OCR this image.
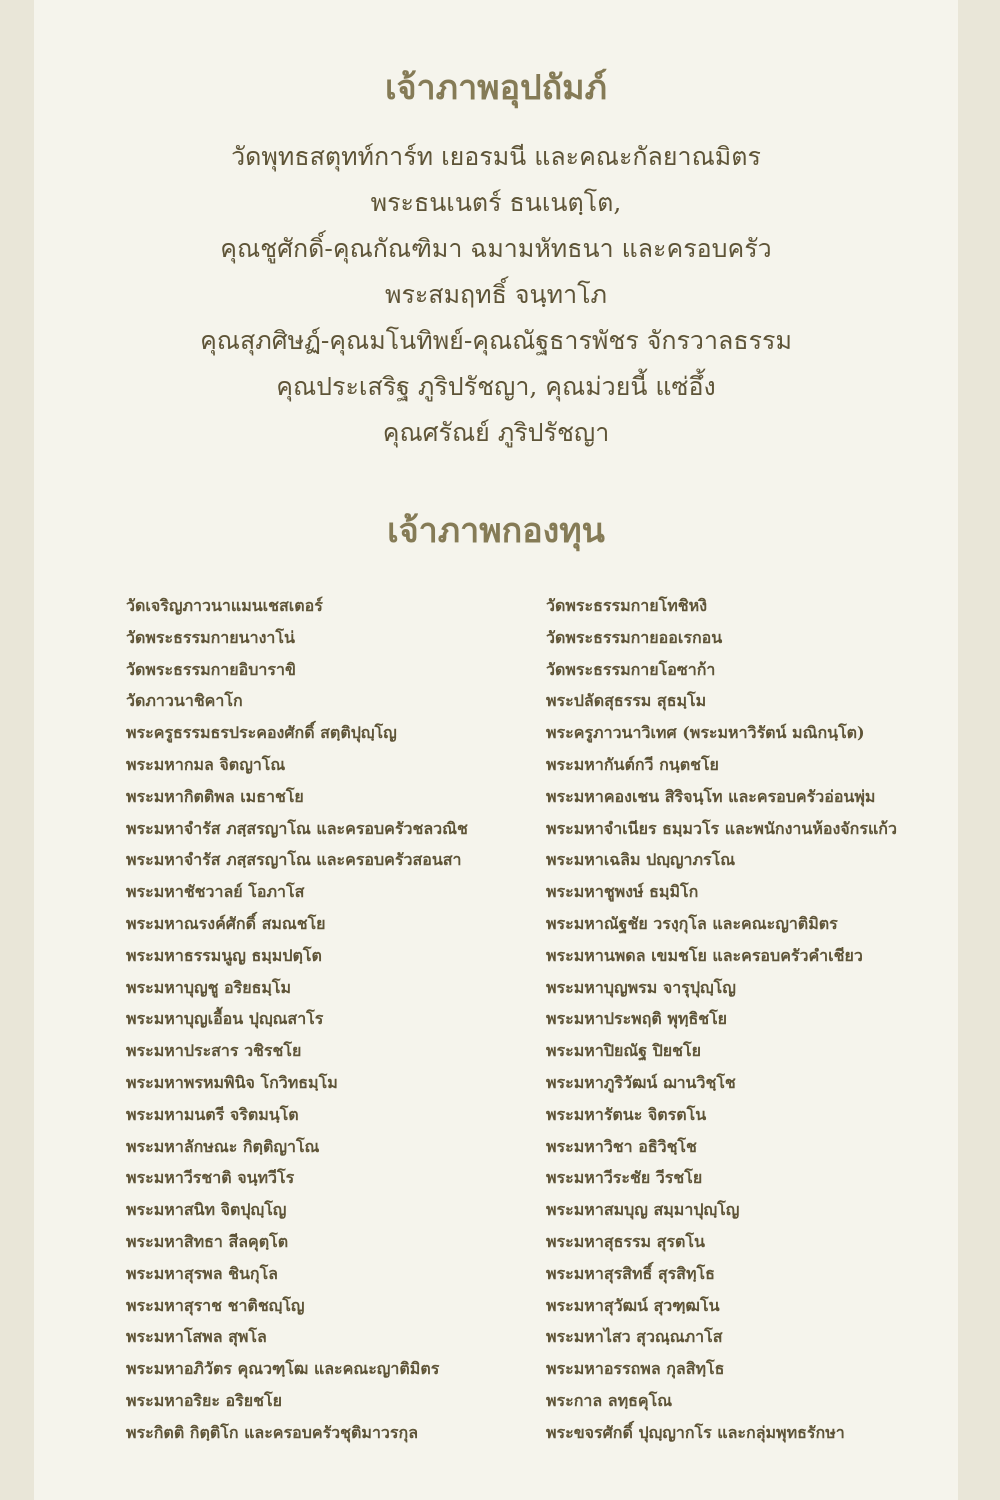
เจ้าภาพอุปถัมภ์
วัดพุทธสตุทท์การ์ท เยอรมนี และคณะกัลยาณมิตร
พระธนเนตร์ ธนเนตฺโต,
คุณชูศักดิ์-คุณกัณฑิมา ฉมามหัทธนา และครอบครัว
พระสมฤทธิ์ จนฺทาโภ
คุณสุภศิษฏ์-คุณมโนทิพย์-คุณณัฐธารพัชร จักรวาลธรรม
คุณประเสริฐ ภูริปรัชญา, คุณม่วยนี้ แซ่อึ้ง
คุณศรัณย์ ภูริปรัชญา
เจ้าภาพกองทุน
วัดเจริญภาวนาแมนเชสเตอร์
วัดพระธรรมกายนางาโน่
วัดพระธรรมกายอิบาราขิ
วัดภาวนาชิคาโก
พระครูธรรมธรประคองศักดิ์ สตฺติปุญฺโญ
พระมหากมล จิตญาโณ
พระมหากิตติพล เมธาชโย
พระมหาจำรัส ภสฺสรญาโณ และครอบครัวชลวณิช
พระมหาจำรัส ภสฺสรญาโณ และครอบครัวสอนสา
พระมหาชัชวาลย์ โอภาโส
พระมหาณรงค์ศักดิ์ สมณชโย
พระมหาธรรมนูญ ธมฺมปตฺโต
พระมหาบุญชู อริยธมฺโม
พระมหาบุญเอื้อน ปุญฺณสาโร
พระมหาประสาร วชิรชโย
พระมหาพรหมพินิจ โกวิทธมฺโม
พระมหามนตรี จริตมนฺโต
พระมหาลักษณะ กิตฺติญาโณ
พระมหาวีรชาติ จนฺทวีโร
พระมหาสนิท จิตปุญฺโญ
พระมหาสิทธา สีลคุตฺโต
พระมหาสุรพล ชินกุโล
พระมหาสุราช ชาติชญฺโญ
พระมหาโสพล สุพโล
พระมหาอภิวัตร คุณวฑฺโฒ และคณะญาติมิตร
พระมหาอริยะ อริยชโย
พระกิตติ กิตฺติโก และครอบครัวชุติมาวรกุล
วัดพระธรรมกายโทชิหงิ
วัดพระธรรมกายออเรกอน
วัดพระธรรมกายโอซาก้า
พระปลัดสุธรรม สุธมฺโม
พระครูภาวนาวิเทศ (พระมหาวิรัตน์ มณิกนฺโต)
พระมหากันต์กวี กนฺตชโย
พระมหาคองเชน สิริจนฺโท และครอบครัวอ่อนพุ่ม
พระมหาจำเนียร ธมฺมวโร และพนักงานห้องจักรแก้ว
พระมหาเฉลิม ปญฺญาภรโณ
พระมหาชูพงษ์ ธมฺมิโก
พระมหาณัฐชัย วรงฺกุโล และคณะญาติมิตร
พระมหานพดล เขมชโย และครอบครัวคำเชียว
พระมหาบุญพรม จารุปุญฺโญ
พระมหาประพฤติ พุทฺธิชโย
พระมหาปิยณัฐ ปิยชโย
พระมหาภูริวัฒน์ ฌานวิชฺโช
พระมหารัตนะ จิตรตโน
พระมหาวิชา อธิวิชฺโช
พระมหาวีระชัย วีรชโย
พระมหาสมบุญ สมฺมาปุญฺโญ
พระมหาสุธรรม สุรตโน
พระมหาสุรสิทธิ์ สุรสิทฺโธ
พระมหาสุวัฒน์ สุวฑฺฒโน
พระมหาไสว สุวณฺณภาโส
พระมหาอรรถพล กุลสิทฺโธ
พระกาล ลทฺธคุโณ
พระขจรศักดิ์ ปุญฺญากโร และกลุ่มพุทธรักษา
